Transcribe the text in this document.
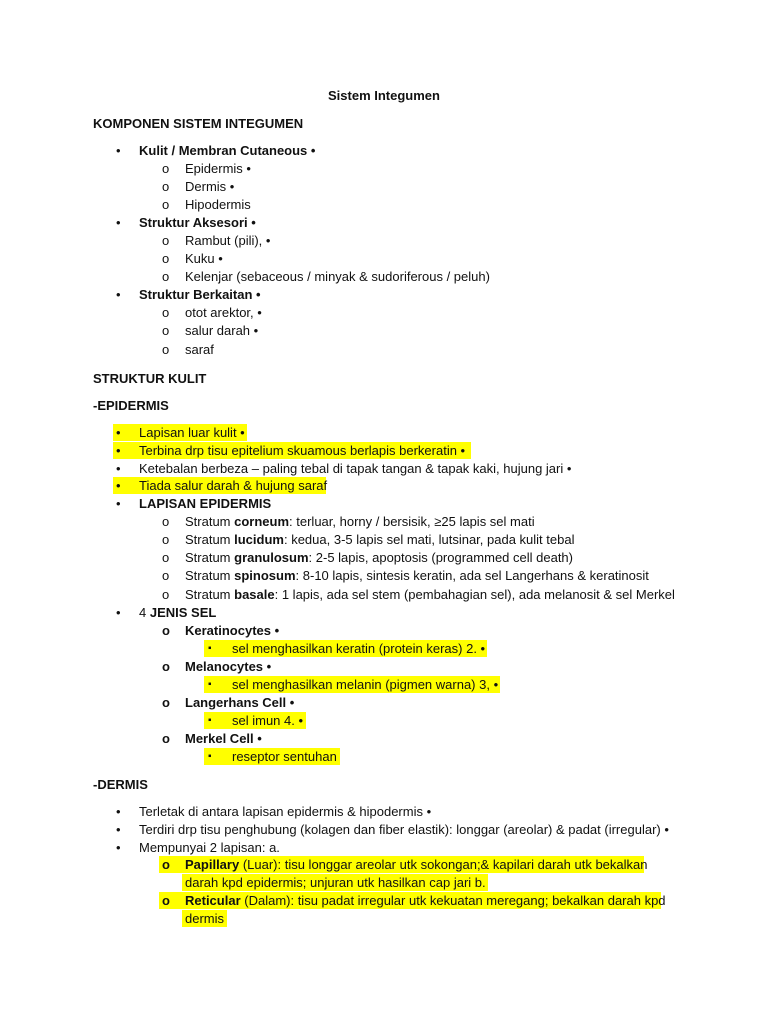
Sistem Integumen
KOMPONEN SISTEM INTEGUMEN
• Kulit / Membran Cutaneous •
o Epidermis •
o Dermis •
o Hipodermis
• Struktur Aksesori •
o Rambut (pili), •
o Kuku •
o Kelenjar (sebaceous / minyak & sudoriferous / peluh)
• Struktur Berkaitan •
o otot arektor, •
o salur darah •
o saraf
STRUKTUR KULIT
-EPIDERMIS
• Lapisan luar kulit •
• Terbina drp tisu epitelium skuamous berlapis berkeratin •
• Ketebalan berbeza – paling tebal di tapak tangan & tapak kaki, hujung jari •
• Tiada salur darah & hujung saraf
• LAPISAN EPIDERMIS
o Stratum corneum: terluar, horny / bersisik, ≥25 lapis sel mati
o Stratum lucidum: kedua, 3-5 lapis sel mati, lutsinar, pada kulit tebal
o Stratum granulosum: 2-5 lapis, apoptosis (programmed cell death)
o Stratum spinosum: 8-10 lapis, sintesis keratin, ada sel Langerhans & keratinosit
o Stratum basale: 1 lapis, ada sel stem (pembahagian sel), ada melanosit & sel Merkel
• 4 JENIS SEL
o Keratinocytes •
▪ sel menghasilkan keratin (protein keras) 2. •
o Melanocytes •
▪ sel menghasilkan melanin (pigmen warna) 3, •
o Langerhans Cell •
▪ sel imun 4. •
o Merkel Cell •
▪ reseptor sentuhan
-DERMIS
• Terletak di antara lapisan epidermis & hipodermis •
• Terdiri drp tisu penghubung (kolagen dan fiber elastik): longgar (areolar) & padat (irregular) •
• Mempunyai 2 lapisan: a.
o Papillary (Luar): tisu longgar areolar utk sokongan;& kapilari darah utk bekalkan
darah kpd epidermis; unjuran utk hasilkan cap jari b.
o Reticular (Dalam): tisu padat irregular utk kekuatan meregang; bekalkan darah kpd
dermis
